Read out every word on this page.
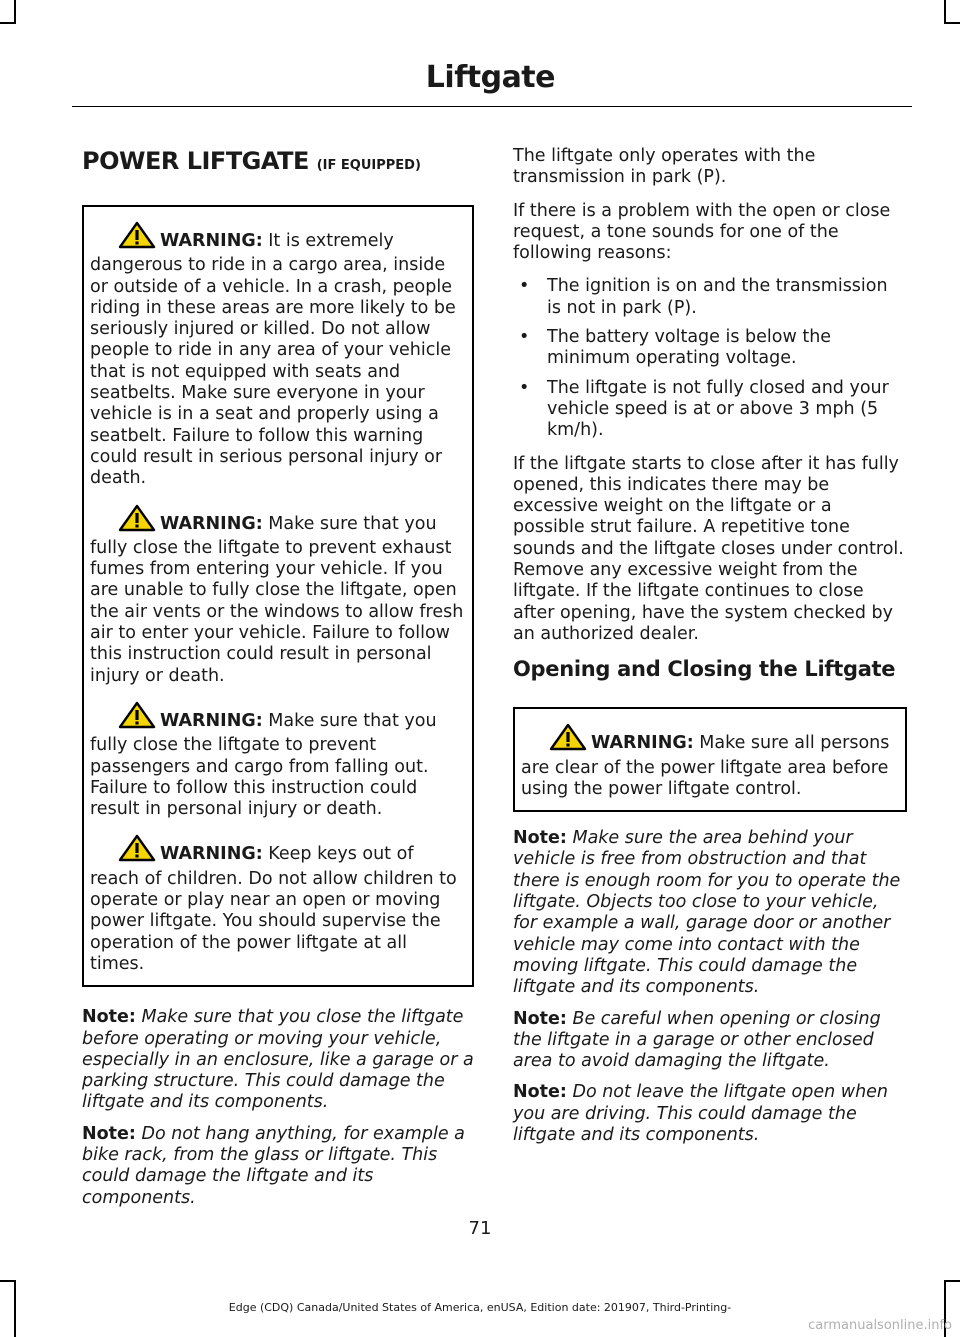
Liftgate
POWER LIFTGATE (IF EQUIPPED)

WARNING: It is extremely dangerous to ride in a cargo area, inside or outside of a vehicle. In a crash, people riding in these areas are more likely to be seriously injured or killed. Do not allow people to ride in any area of your vehicle that is not equipped with seats and seatbelts. Make sure everyone in your vehicle is in a seat and properly using a seatbelt. Failure to follow this warning could result in serious personal injury or death.

WARNING: Make sure that you fully close the liftgate to prevent exhaust fumes from entering your vehicle. If you are unable to fully close the liftgate, open the air vents or the windows to allow fresh air to enter your vehicle. Failure to follow this instruction could result in personal injury or death.

WARNING: Make sure that you fully close the liftgate to prevent passengers and cargo from falling out. Failure to follow this instruction could result in personal injury or death.

WARNING: Keep keys out of reach of children. Do not allow children to operate or play near an open or moving power liftgate. You should supervise the operation of the power liftgate at all times.

Note: Make sure that you close the liftgate before operating or moving your vehicle, especially in an enclosure, like a garage or a parking structure. This could damage the liftgate and its components.

Note: Do not hang anything, for example a bike rack, from the glass or liftgate. This could damage the liftgate and its components.

The liftgate only operates with the transmission in park (P).

If there is a problem with the open or close request, a tone sounds for one of the following reasons:

• The ignition is on and the transmission is not in park (P).
• The battery voltage is below the minimum operating voltage.
• The liftgate is not fully closed and your vehicle speed is at or above 3 mph (5 km/h).

If the liftgate starts to close after it has fully opened, this indicates there may be excessive weight on the liftgate or a possible strut failure. A repetitive tone sounds and the liftgate closes under control. Remove any excessive weight from the liftgate. If the liftgate continues to close after opening, have the system checked by an authorized dealer.

Opening and Closing the Liftgate

WARNING: Make sure all persons are clear of the power liftgate area before using the power liftgate control.

Note: Make sure the area behind your vehicle is free from obstruction and that there is enough room for you to operate the liftgate. Objects too close to your vehicle, for example a wall, garage door or another vehicle may come into contact with the moving liftgate. This could damage the liftgate and its components.

Note: Be careful when opening or closing the liftgate in a garage or other enclosed area to avoid damaging the liftgate.

Note: Do not leave the liftgate open when you are driving. This could damage the liftgate and its components.

71
Edge (CDQ) Canada/United States of America, enUSA, Edition date: 201907, Third-Printing-
carmanualsonline.info
